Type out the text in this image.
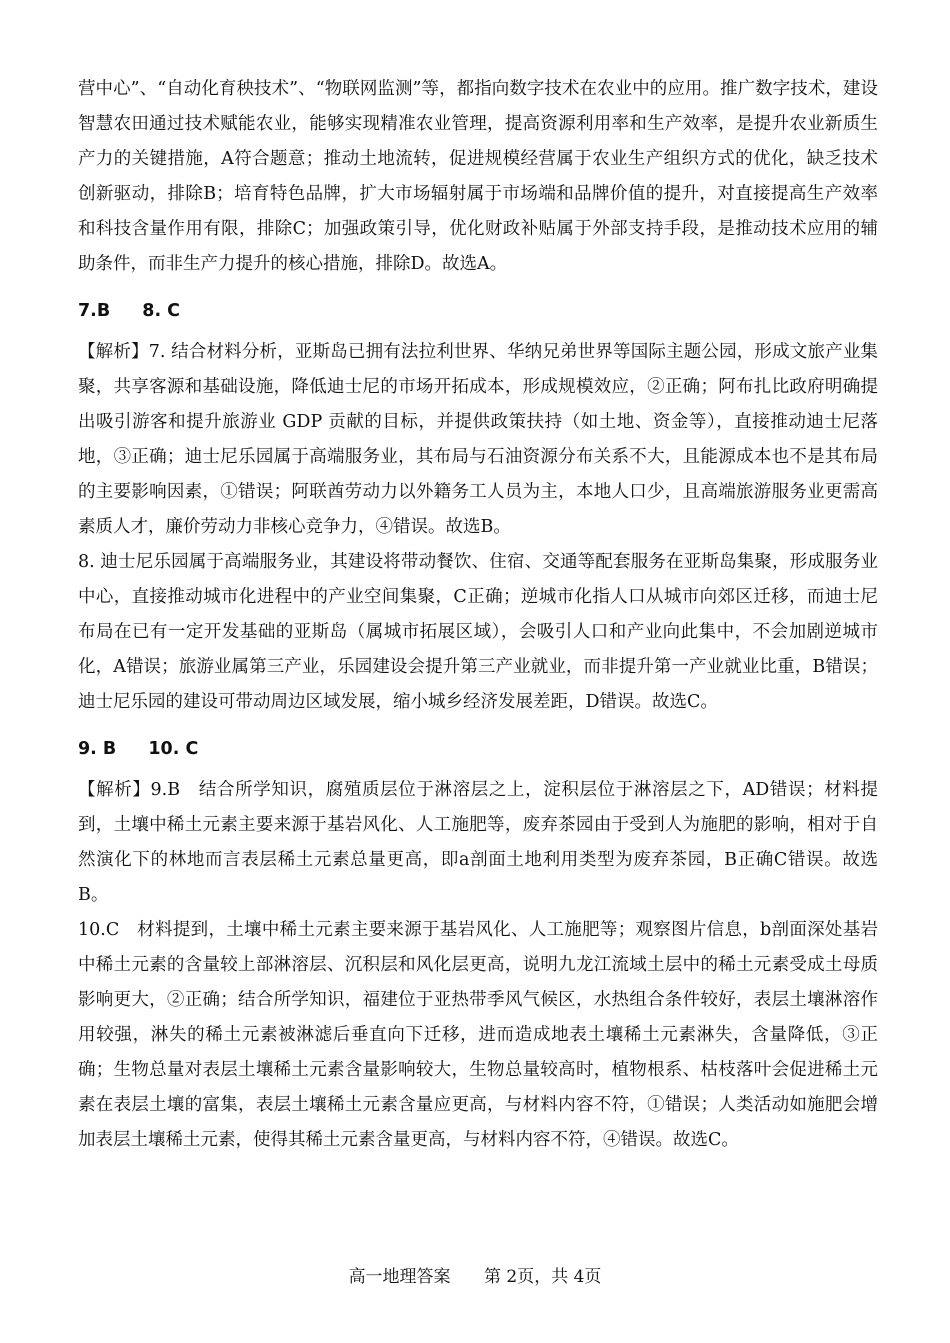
营中心”、“自动化育秧技术”、“物联网监测”等，都指向数字技术在农业中的应用。推广数字技术，建设智慧农田通过技术赋能农业，能够实现精准农业管理，提高资源利用率和生产效率，是提升农业新质生产力的关键措施，A符合题意；推动土地流转，促进规模经营属于农业生产组织方式的优化，缺乏技术创新驱动，排除B；培育特色品牌，扩大市场辐射属于市场端和品牌价值的提升，对直接提高生产效率和科技含量作用有限，排除C；加强政策引导，优化财政补贴属于外部支持手段，是推动技术应用的辅助条件，而非生产力提升的核心措施，排除D。故选A。

7.B 8. C

【解析】7. 结合材料分析，亚斯岛已拥有法拉利世界、华纳兄弟世界等国际主题公园，形成文旅产业集聚，共享客源和基础设施，降低迪士尼的市场开拓成本，形成规模效应，②正确；阿布扎比政府明确提出吸引游客和提升旅游业 GDP 贡献的目标，并提供政策扶持（如土地、资金等），直接推动迪士尼落地，③正确；迪士尼乐园属于高端服务业，其布局与石油资源分布关系不大，且能源成本也不是其布局的主要影响因素，①错误；阿联酋劳动力以外籍务工人员为主，本地人口少，且高端旅游服务业更需高素质人才，廉价劳动力非核心竞争力，④错误。故选B。

8. 迪士尼乐园属于高端服务业，其建设将带动餐饮、住宿、交通等配套服务在亚斯岛集聚，形成服务业中心，直接推动城市化进程中的产业空间集聚，C正确；逆城市化指人口从城市向郊区迁移，而迪士尼布局在已有一定开发基础的亚斯岛（属城市拓展区域），会吸引人口和产业向此集中，不会加剧逆城市化，A错误；旅游业属第三产业，乐园建设会提升第三产业就业，而非提升第一产业就业比重，B错误；迪士尼乐园的建设可带动周边区域发展，缩小城乡经济发展差距，D错误。故选C。

9. B 10. C

【解析】9.B　结合所学知识，腐殖质层位于淋溶层之上，淀积层位于淋溶层之下，AD错误；材料提到，土壤中稀土元素主要来源于基岩风化、人工施肥等，废弃茶园由于受到人为施肥的影响，相对于自然演化下的林地而言表层稀土元素总量更高，即a剖面土地利用类型为废弃茶园，B正确C错误。故选B。

10.C　材料提到，土壤中稀土元素主要来源于基岩风化、人工施肥等；观察图片信息，b剖面深处基岩中稀土元素的含量较上部淋溶层、沉积层和风化层更高，说明九龙江流域土层中的稀土元素受成土母质影响更大，②正确；结合所学知识，福建位于亚热带季风气候区，水热组合条件较好，表层土壤淋溶作用较强，淋失的稀土元素被淋滤后垂直向下迁移，进而造成地表土壤稀土元素淋失，含量降低，③正确；生物总量对表层土壤稀土元素含量影响较大，生物总量较高时，植物根系、枯枝落叶会促进稀土元素在表层土壤的富集，表层土壤稀土元素含量应更高，与材料内容不符，①错误；人类活动如施肥会增加表层土壤稀土元素，使得其稀土元素含量更高，与材料内容不符，④错误。故选C。

高一地理答案 第 2页，共 4页
